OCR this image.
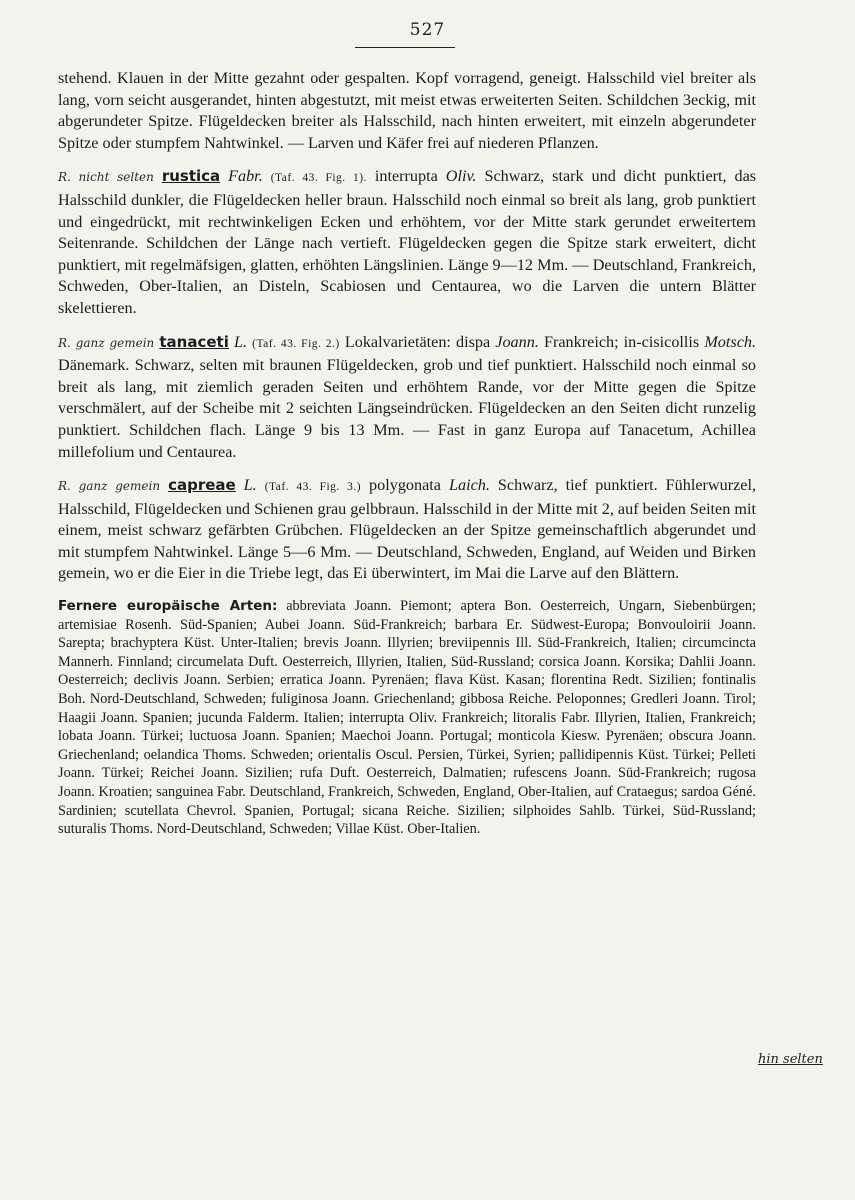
527

stehend. Klauen in der Mitte gezahnt oder gespalten. Kopf vorragend, geneigt. Halsschild viel breiter als lang, vorn seicht ausgerandet, hinten abgestutzt, mit meist etwas erweiterten Seiten. Schildchen 3eckig, mit abgerundeter Spitze. Flügeldecken breiter als Halsschild, nach hinten erweitert, mit einzeln abgerundeter Spitze oder stumpfem Nahtwinkel. — Larven und Käfer frei auf niederen Pflanzen.

R. nicht selten rustica Fabr. (Taf. 43. Fig. 1). interrupta Oliv. Schwarz, stark und dicht punktiert, das Halsschild dunkler, die Flügeldecken heller braun. Halsschild noch einmal so breit als lang, grob punktiert und eingedrückt, mit rechtwinkeligen Ecken und erhöhtem, vor der Mitte stark gerundet erweitertem Seitenrande. Schildchen der Länge nach vertieft. Flügeldecken gegen die Spitze stark erweitert, dicht punktiert, mit regelmäfsigen, glatten, erhöhten Längslinien. Länge 9—12 Mm. — Deutschland, Frankreich, Schweden, Ober-Italien, an Disteln, Scabiosen und Centaurea, wo die Larven die untern Blätter skelettieren.

R. ganz gemein tanaceti L. (Taf. 43. Fig. 2.) Lokalvarietäten: dispa Joann. Frankreich; in-cisicollis Motsch. Dänemark. Schwarz, selten mit braunen Flügeldecken, grob und tief punktiert. Halsschild noch einmal so breit als lang, mit ziemlich geraden Seiten und erhöhtem Rande, vor der Mitte gegen die Spitze verschmälert, auf der Scheibe mit 2 seichten Längseindrücken. Flügeldecken an den Seiten dicht runzelig punktiert. Schildchen flach. Länge 9 bis 13 Mm. — Fast in ganz Europa auf Tanacetum, Achillea millefolium und Centaurea.

R. ganz gemein capreae L. (Taf. 43. Fig. 3.) polygonata Laich. Schwarz, tief punktiert. Fühlerwurzel, Halsschild, Flügeldecken und Schienen grau gelbbraun. Halsschild in der Mitte mit 2, auf beiden Seiten mit einem, meist schwarz gefärbten Grübchen. Flügeldecken an der Spitze gemeinschaftlich abgerundet und mit stumpfem Nahtwinkel. Länge 5—6 Mm. — Deutschland, Schweden, England, auf Weiden und Birken gemein, wo er die Eier in die Triebe legt, das Ei überwintert, im Mai die Larve auf den Blättern.

Fernere europäische Arten: abbreviata Joann. Piemont; aptera Bon. Oesterreich, Ungarn, Siebenbürgen; artemisiae Rosenh. Süd-Spanien; Aubei Joann. Süd-Frankreich; barbara Er. Südwest-Europa; Bonvouloirii Joann. Sarepta; brachyptera Küst. Unter-Italien; brevis Joann. Illyrien; breviipennis Ill. Süd-Frankreich, Italien; circumcincta Mannerh. Finnland; circumelata Duft. Oesterreich, Illyrien, Italien, Süd-Russland; corsica Joann. Korsika; Dahlii Joann. Oesterreich; declivis Joann. Serbien; erratica Joann. Pyrenäen; flava Küst. Kasan; florentina Redt. Sizilien; fontinalis Boh. Nord-Deutschland, Schweden; fuliginosa Joann. Griechenland; gibbosa Reiche. Peloponnes; Gredleri Joann. Tirol; Haagii Joann. Spanien; jucunda Falderm. Italien; interrupta Oliv. Frankreich; litoralis Fabr. Illyrien, Italien, Frankreich; lobata Joann. Türkei; luctuosa Joann. Spanien; Maechoi Joann. Portugal; monticola Kiesw. Pyrenäen; obscura Joann. Griechenland; oelandica Thoms. Schweden; orientalis Oscul. Persien, Türkei, Syrien; pallidipennis Küst. Türkei; Pelleti Joann. Türkei; Reichei Joann. Sizilien; rufa Duft. Oesterreich, Dalmatien; rufescens Joann. Süd-Frankreich; rugosa Joann. Kroatien; sanguinea Fabr. Deutschland, Frankreich, Schweden, England, Ober-Italien, auf Crataegus; sardoa Géné. Sardinien; scutellata Chevrol. Spanien, Portugal; sicana Reiche. Sizilien; silphoides Sahlb. Türkei, Süd-Russland; suturalis Thoms. Nord-Deutschland, Schweden; Villae Küst. Ober-Italien.

hin selten
